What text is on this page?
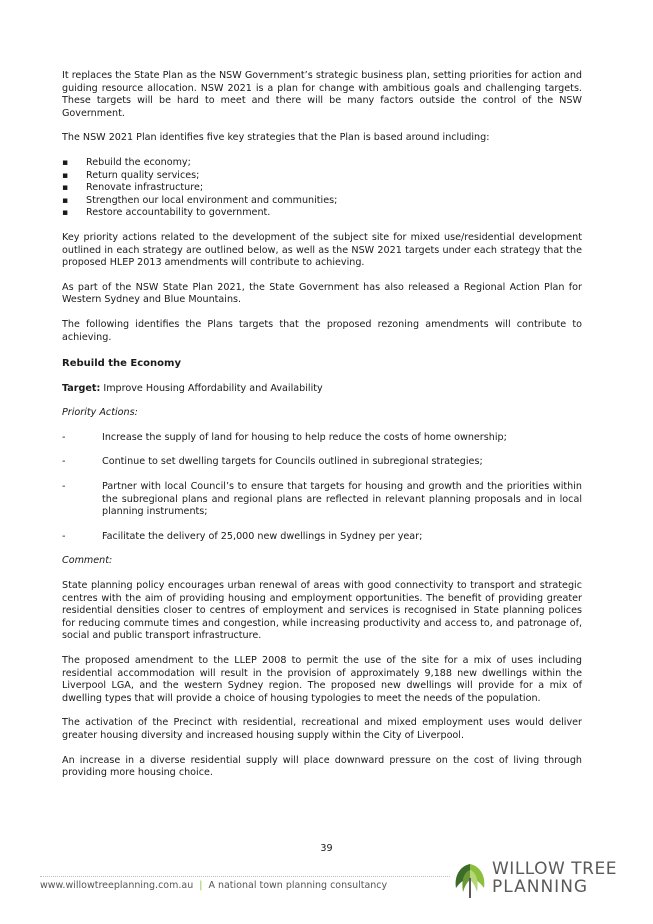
It replaces the State Plan as the NSW Government’s strategic business plan, setting priorities for action and guiding resource allocation. NSW 2021 is a plan for change with ambitious goals and challenging targets. These targets will be hard to meet and there will be many factors outside the control of the NSW Government.

The NSW 2021 Plan identifies five key strategies that the Plan is based around including:

▪ Rebuild the economy;
▪ Return quality services;
▪ Renovate infrastructure;
▪ Strengthen our local environment and communities;
▪ Restore accountability to government.

Key priority actions related to the development of the subject site for mixed use/residential development outlined in each strategy are outlined below, as well as the NSW 2021 targets under each strategy that the proposed HLEP 2013 amendments will contribute to achieving.

As part of the NSW State Plan 2021, the State Government has also released a Regional Action Plan for Western Sydney and Blue Mountains.

The following identifies the Plans targets that the proposed rezoning amendments will contribute to achieving.

Rebuild the Economy

Target: Improve Housing Affordability and Availability

Priority Actions:

-	Increase the supply of land for housing to help reduce the costs of home ownership;
-	Continue to set dwelling targets for Councils outlined in subregional strategies;
-	Partner with local Council’s to ensure that targets for housing and growth and the priorities within the subregional plans and regional plans are reflected in relevant planning proposals and in local planning instruments;
-	Facilitate the delivery of 25,000 new dwellings in Sydney per year;

Comment:

State planning policy encourages urban renewal of areas with good connectivity to transport and strategic centres with the aim of providing housing and employment opportunities. The benefit of providing greater residential densities closer to centres of employment and services is recognised in State planning polices for reducing commute times and congestion, while increasing productivity and access to, and patronage of, social and public transport infrastructure.

The proposed amendment to the LLEP 2008 to permit the use of the site for a mix of uses including residential accommodation will result in the provision of approximately 9,188 new dwellings within the Liverpool LGA, and the western Sydney region. The proposed new dwellings will provide for a mix of dwelling types that will provide a choice of housing typologies to meet the needs of the population.

The activation of the Precinct with residential, recreational and mixed employment uses would deliver greater housing diversity and increased housing supply within the City of Liverpool.

An increase in a diverse residential supply will place downward pressure on the cost of living through providing more housing choice.

39
www.willowtreeplanning.com.au | A national town planning consultancy
WILLOW TREE
PLANNING
